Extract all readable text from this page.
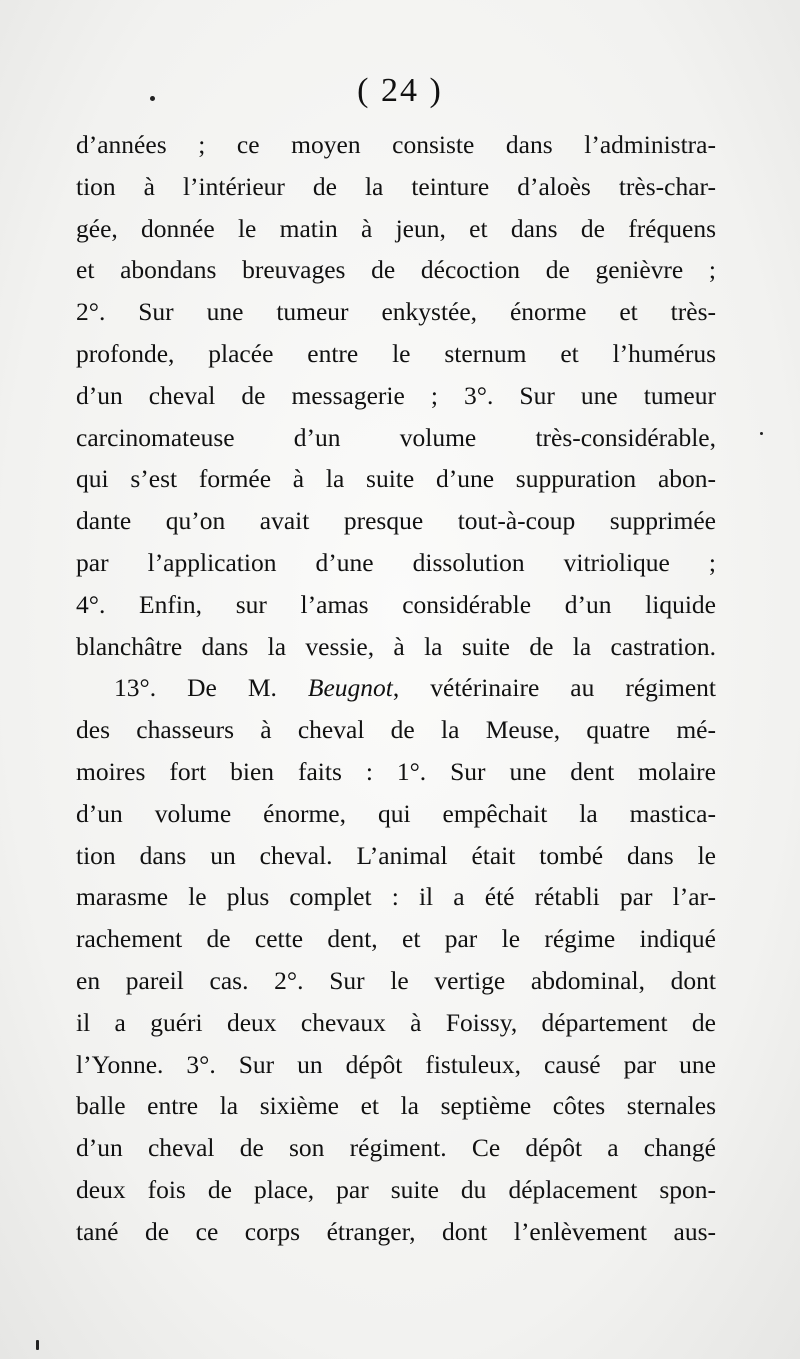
( 24 )
d’années ; ce moyen consiste dans l’administra-
tion à l’intérieur de la teinture d’aloès très-char-
gée, donnée le matin à jeun, et dans de fréquens
et abondans breuvages de décoction de genièvre ;
2°. Sur une tumeur enkystée, énorme et très-
profonde, placée entre le sternum et l’humérus
d’un cheval de messagerie ; 3°. Sur une tumeur
carcinomateuse d’un volume très-considérable,
qui s’est formée à la suite d’une suppuration abon-
dante qu’on avait presque tout-à-coup supprimée
par l’application d’une dissolution vitriolique ;
4°. Enfin, sur l’amas considérable d’un liquide
blanchâtre dans la vessie, à la suite de la castration.
13°. De M. Beugnot, vétérinaire au régiment
des chasseurs à cheval de la Meuse, quatre mé-
moires fort bien faits : 1°. Sur une dent molaire
d’un volume énorme, qui empêchait la mastica-
tion dans un cheval. L’animal était tombé dans le
marasme le plus complet : il a été rétabli par l’ar-
rachement de cette dent, et par le régime indiqué
en pareil cas. 2°. Sur le vertige abdominal, dont
il a guéri deux chevaux à Foissy, département de
l’Yonne. 3°. Sur un dépôt fistuleux, causé par une
balle entre la sixième et la septième côtes sternales
d’un cheval de son régiment. Ce dépôt a changé
deux fois de place, par suite du déplacement spon-
tané de ce corps étranger, dont l’enlèvement aus-
